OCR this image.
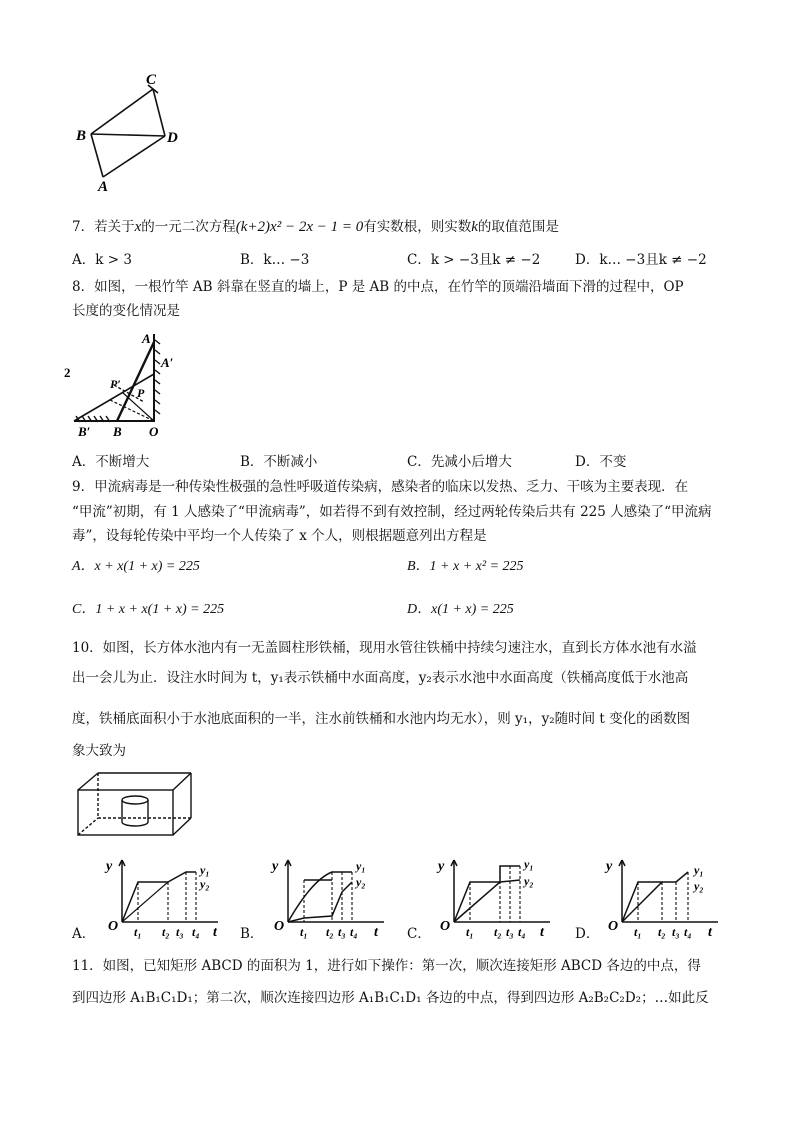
C
B	D
A
7．若关于x的一元二次方程(k+2)x² − 2x − 1 = 0有实数根，则实数k的取值范围是
A．k > 3	B．k… −3	C．k > −3且k ≠ −2	D．k… −3且k ≠ −2
8．如图，一根竹竿 AB 斜靠在竖直的墙上，P 是 AB 的中点，在竹竿的顶端沿墙面下滑的过程中，OP
长度的变化情况是
A
A′
P′
P
B′ B O
2
A．不断增大	B．不断减小	C．先减小后增大	D．不变
9．甲流病毒是一种传染性极强的急性呼吸道传染病，感染者的临床以发热、乏力、干咳为主要表现．在
“甲流”初期，有 1 人感染了“甲流病毒”，如若得不到有效控制，经过两轮传染后共有 225 人感染了“甲流病
毒”，设每轮传染中平均一个人传染了 x 个人，则根据题意列出方程是
A．x + x(1 + x) = 225	B．1 + x + x² = 225
C．1 + x + x(1 + x) = 225	D．x(1 + x) = 225
10．如图，长方体水池内有一无盖圆柱形铁桶，现用水管往铁桶中持续匀速注水，直到长方体水池有水溢
出一会儿为止．设注水时间为 t，y₁表示铁桶中水面高度，y₂表示水池中水面高度（铁桶高度低于水池高
度，铁桶底面积小于水池底面积的一半，注水前铁桶和水池内均无水），则 y₁，y₂随时间 t 变化的函数图
象大致为
A．	B．	C．	D．
y
O	t
y₁
y₂
t₁ t₂ t₃ t₄
y
O	t
y₁
y₂
t₁ t₂ t₃ t₄
y
O	t
y₁
y₂
t₁ t₂ t₃ t₄
y
O	t
y₁
y₂
t₁ t₂ t₃ t₄
11．如图，已知矩形 ABCD 的面积为 1，进行如下操作：第一次，顺次连接矩形 ABCD 各边的中点，得
到四边形 A₁B₁C₁D₁；第二次，顺次连接四边形 A₁B₁C₁D₁ 各边的中点，得到四边形 A₂B₂C₂D₂；…如此反
